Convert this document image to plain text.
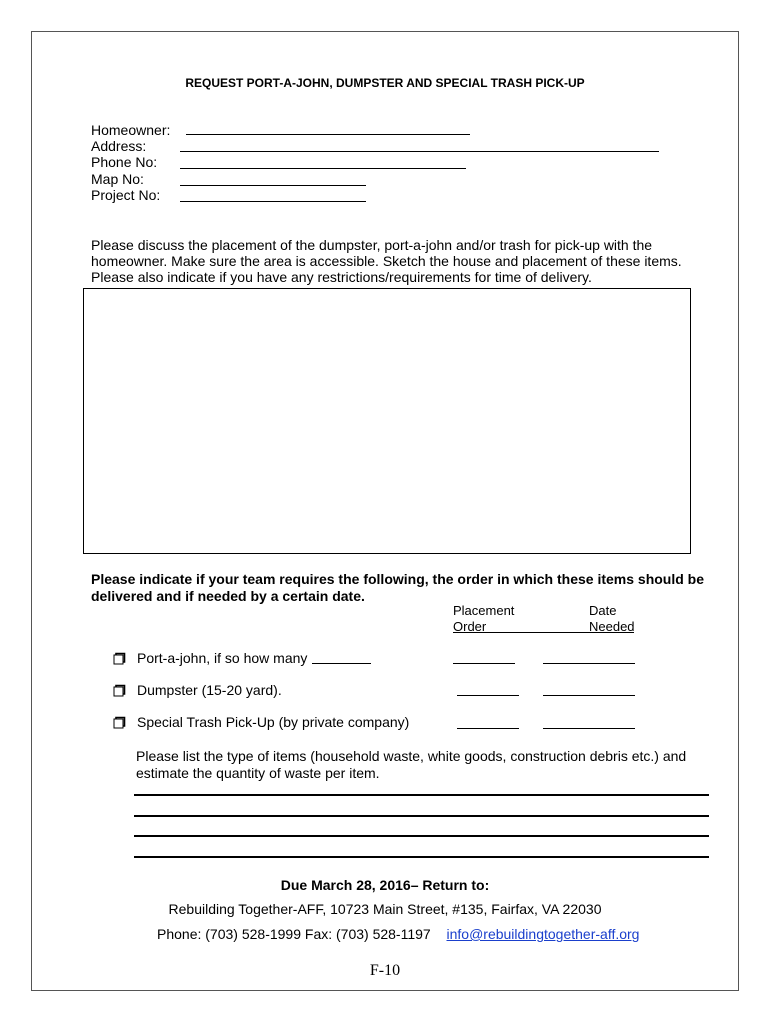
REQUEST PORT-A-JOHN, DUMPSTER AND SPECIAL TRASH PICK-UP
Homeowner:
Address:
Phone No:
Map No:
Project No:
Please discuss the placement of the dumpster, port-a-john and/or trash for pick-up with the
homeowner. Make sure the area is accessible. Sketch the house and placement of these items.
Please also indicate if you have any restrictions/requirements for time of delivery.
Please indicate if your team requires the following, the order in which these items should be
delivered and if needed by a certain date.
Placement
Order
Date
Needed
Port-a-john, if so how many
Dumpster (15-20 yard).
Special Trash Pick-Up (by private company)
Please list the type of items (household waste, white goods, construction debris etc.) and
estimate the quantity of waste per item.
Due March 28, 2016– Return to:
Rebuilding Together-AFF, 10723 Main Street, #135, Fairfax, VA 22030
Phone: (703) 528-1999 Fax: (703) 528-1197 info@rebuildingtogether-aff.org
F-10
